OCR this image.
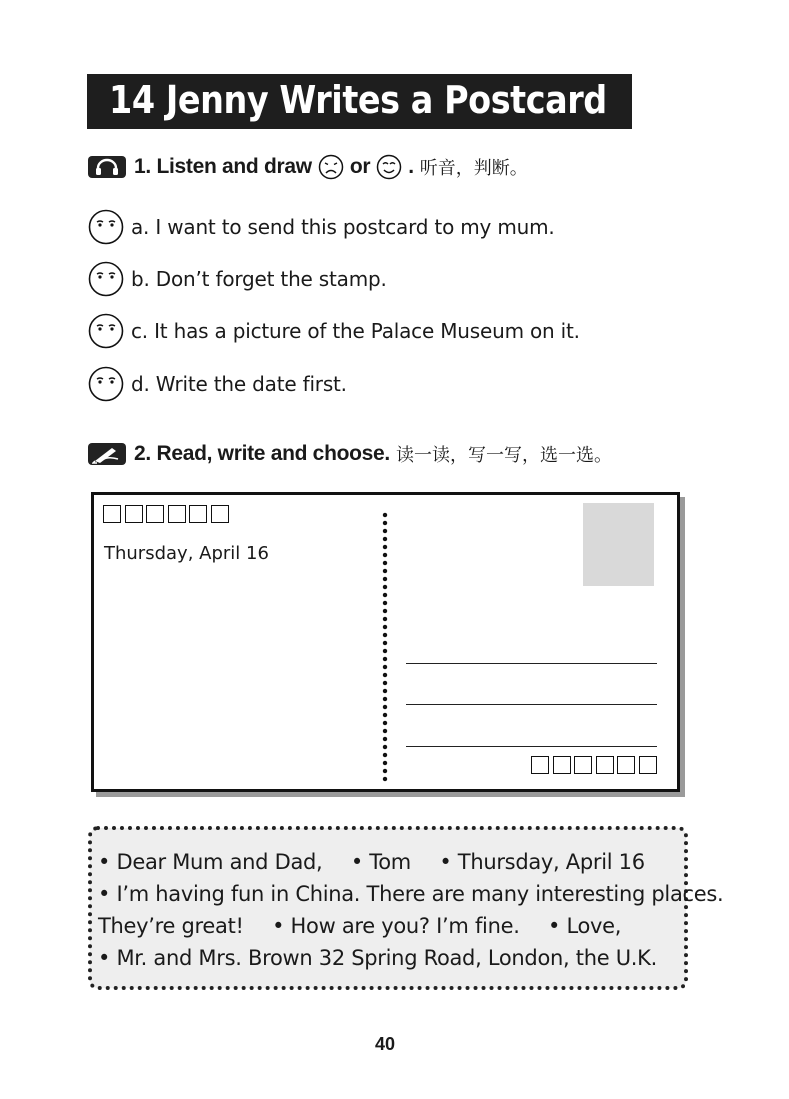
14 Jenny Writes a Postcard
1. Listen and draw or . 听音，判断。
a. I want to send this postcard to my mum.
b. Don’t forget the stamp.
c. It has a picture of the Palace Museum on it.
d. Write the date first.
2. Read, write and choose. 读一读，写一写，选一选。
Thursday, April 16
• Dear Mum and Dad, • Tom • Thursday, April 16
• I’m having fun in China. There are many interesting places.
They’re great! • How are you? I’m fine. • Love,
• Mr. and Mrs. Brown 32 Spring Road, London, the U.K.
40
